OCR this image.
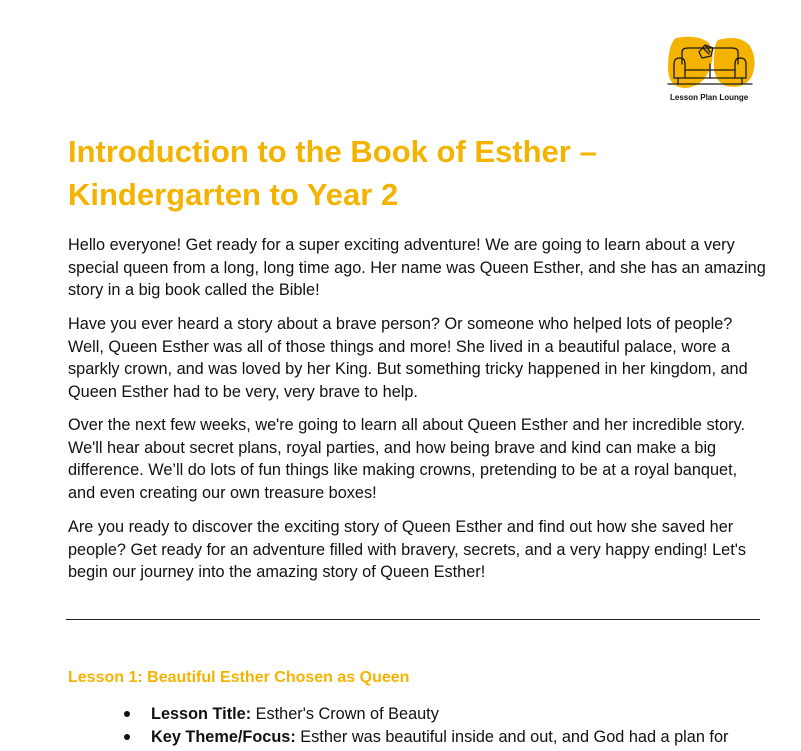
Lesson Plan Lounge
Introduction to the Book of Esther – Kindergarten to Year 2

Hello everyone! Get ready for a super exciting adventure! We are going to learn about a very special queen from a long, long time ago. Her name was Queen Esther, and she has an amazing story in a big book called the Bible!

Have you ever heard a story about a brave person? Or someone who helped lots of people? Well, Queen Esther was all of those things and more! She lived in a beautiful palace, wore a sparkly crown, and was loved by her King. But something tricky happened in her kingdom, and Queen Esther had to be very, very brave to help.

Over the next few weeks, we're going to learn all about Queen Esther and her incredible story. We'll hear about secret plans, royal parties, and how being brave and kind can make a big difference. We’ll do lots of fun things like making crowns, pretending to be at a royal banquet, and even creating our own treasure boxes!

Are you ready to discover the exciting story of Queen Esther and find out how she saved her people? Get ready for an adventure filled with bravery, secrets, and a very happy ending! Let's begin our journey into the amazing story of Queen Esther!

Lesson 1: Beautiful Esther Chosen as Queen
Lesson Title: Esther's Crown of Beauty
Key Theme/Focus: Esther was beautiful inside and out, and God had a plan for
